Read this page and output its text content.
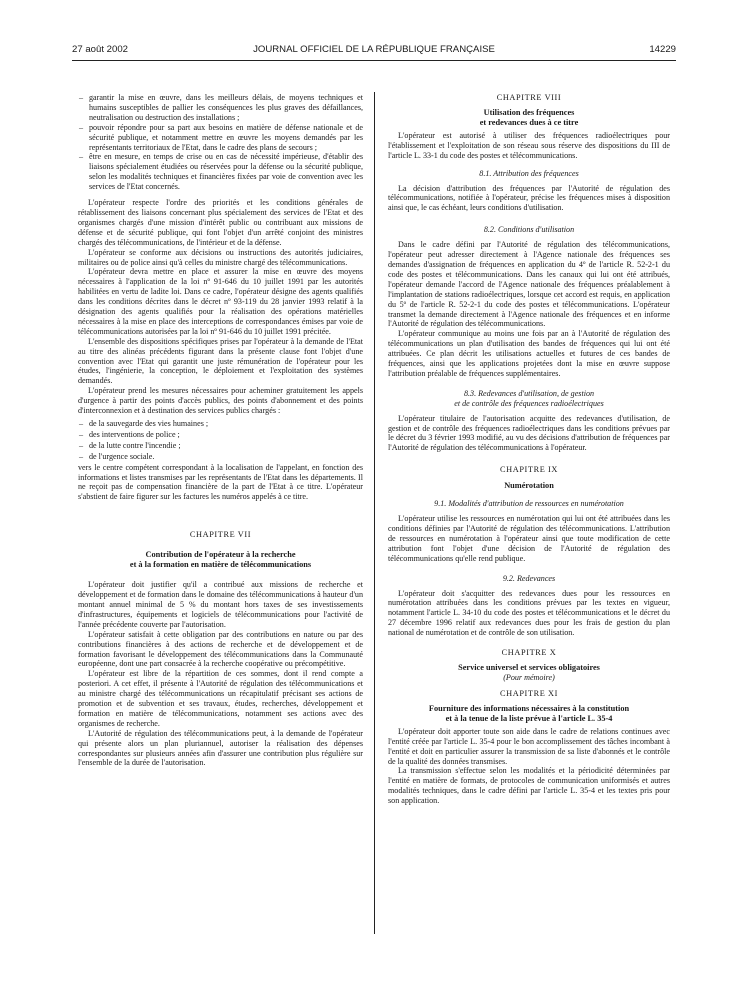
27 août 2002	JOURNAL OFFICIEL DE LA RÉPUBLIQUE FRANÇAISE	14229

– garantir la mise en œuvre, dans les meilleurs délais, de moyens techniques et humains susceptibles de pallier les conséquences les plus graves des défaillances, neutralisation ou destruction des installations ;

– pouvoir répondre pour sa part aux besoins en matière de défense nationale et de sécurité publique, et notamment mettre en œuvre les moyens demandés par les représentants territoriaux de l'Etat, dans le cadre des plans de secours ;

– être en mesure, en temps de crise ou en cas de nécessité impérieuse, d'établir des liaisons spécialement étudiées ou réservées pour la défense ou la sécurité publique, selon les modalités techniques et financières fixées par voie de convention avec les services de l'Etat concernés.

L'opérateur respecte l'ordre des priorités et les conditions générales de rétablissement des liaisons concernant plus spécialement des services de l'Etat et des organismes chargés d'une mission d'intérêt public ou contribuant aux missions de défense et de sécurité publique, qui font l'objet d'un arrêté conjoint des ministres chargés des télécommunications, de l'intérieur et de la défense.

L'opérateur se conforme aux décisions ou instructions des autorités judiciaires, militaires ou de police ainsi qu'à celles du ministre chargé des télécommunications.

L'opérateur devra mettre en place et assurer la mise en œuvre des moyens nécessaires à l'application de la loi nº 91-646 du 10 juillet 1991 par les autorités habilitées en vertu de ladite loi. Dans ce cadre, l'opérateur désigne des agents qualifiés dans les conditions décrites dans le décret nº 93-119 du 28 janvier 1993 relatif à la désignation des agents qualifiés pour la réalisation des opérations matérielles nécessaires à la mise en place des interceptions de correspondances émises par voie de télécommunications autorisées par la loi nº 91-646 du 10 juillet 1991 précitée.

L'ensemble des dispositions spécifiques prises par l'opérateur à la demande de l'Etat au titre des alinéas précédents figurant dans la présente clause font l'objet d'une convention avec l'Etat qui garantit une juste rémunération de l'opérateur pour les études, l'ingénierie, la conception, le déploiement et l'exploitation des systèmes demandés.

L'opérateur prend les mesures nécessaires pour acheminer gratuitement les appels d'urgence à partir des points d'accès publics, des points d'abonnement et des points d'interconnexion et à destination des services publics chargés :

– de la sauvegarde des vies humaines ;

– des interventions de police ;

– de la lutte contre l'incendie ;

– de l'urgence sociale.

vers le centre compétent correspondant à la localisation de l'appelant, en fonction des informations et listes transmises par les représentants de l'Etat dans les départements. Il ne reçoit pas de compensation financière de la part de l'Etat à ce titre. L'opérateur s'abstient de faire figurer sur les factures les numéros appelés à ce titre.

CHAPITRE VII

Contribution de l'opérateur à la recherche

et à la formation en matière de télécommunications

L'opérateur doit justifier qu'il a contribué aux missions de recherche et développement et de formation dans le domaine des télécommunications à hauteur d'un montant annuel minimal de 5 % du montant hors taxes de ses investissements d'infrastructures, équipements et logiciels de télécommunications pour l'activité de l'année précédente couverte par l'autorisation.

L'opérateur satisfait à cette obligation par des contributions en nature ou par des contributions financières à des actions de recherche et de développement et de formation favorisant le développement des télécommunications dans la Communauté européenne, dont une part consacrée à la recherche coopérative ou précompétitive.

L'opérateur est libre de la répartition de ces sommes, dont il rend compte a posteriori. A cet effet, il présente à l'Autorité de régulation des télécommunications et au ministre chargé des télécommunications un récapitulatif précisant ses actions de promotion et de subvention et ses travaux, études, recherches, développement et formation en matière de télécommunications, notamment ses actions avec des organismes de recherche.

L'Autorité de régulation des télécommunications peut, à la demande de l'opérateur qui présente alors un plan pluriannuel, autoriser la réalisation des dépenses correspondantes sur plusieurs années afin d'assurer une contribution plus régulière sur l'ensemble de la durée de l'autorisation.

CHAPITRE VIII

Utilisation des fréquences

et redevances dues à ce titre

L'opérateur est autorisé à utiliser des fréquences radioélectriques pour l'établissement et l'exploitation de son réseau sous réserve des dispositions du III de l'article L. 33-1 du code des postes et télécommunications.

8.1. Attribution des fréquences

La décision d'attribution des fréquences par l'Autorité de régulation des télécommunications, notifiée à l'opérateur, précise les fréquences mises à disposition ainsi que, le cas échéant, leurs conditions d'utilisation.

8.2. Conditions d'utilisation

Dans le cadre défini par l'Autorité de régulation des télécommunications, l'opérateur peut adresser directement à l'Agence nationale des fréquences ses demandes d'assignation de fréquences en application du 4º de l'article R. 52-2-1 du code des postes et télécommunications. Dans les canaux qui lui ont été attribués, l'opérateur demande l'accord de l'Agence nationale des fréquences préalablement à l'implantation de stations radioélectriques, lorsque cet accord est requis, en application du 5º de l'article R. 52-2-1 du code des postes et télécommunications. L'opérateur transmet la demande directement à l'Agence nationale des fréquences et en informe l'Autorité de régulation des télécommunications.

L'opérateur communique au moins une fois par an à l'Autorité de régulation des télécommunications un plan d'utilisation des bandes de fréquences qui lui ont été attribuées. Ce plan décrit les utilisations actuelles et futures de ces bandes de fréquences, ainsi que les applications projetées dont la mise en œuvre suppose l'attribution préalable de fréquences supplémentaires.

8.3. Redevances d'utilisation, de gestion

et de contrôle des fréquences radioélectriques

L'opérateur titulaire de l'autorisation acquitte des redevances d'utilisation, de gestion et de contrôle des fréquences radioélectriques dans les conditions prévues par le décret du 3 février 1993 modifié, au vu des décisions d'attribution de fréquences par l'Autorité de régulation des télécommunications à l'opérateur.

CHAPITRE IX

Numérotation

9.1. Modalités d'attribution de ressources en numérotation

L'opérateur utilise les ressources en numérotation qui lui ont été attribuées dans les conditions définies par l'Autorité de régulation des télécommunications. L'attribution de ressources en numérotation à l'opérateur ainsi que toute modification de cette attribution font l'objet d'une décision de l'Autorité de régulation des télécommunications qu'elle rend publique.

9.2. Redevances

L'opérateur doit s'acquitter des redevances dues pour les ressources en numérotation attribuées dans les conditions prévues par les textes en vigueur, notamment l'article L. 34-10 du code des postes et télécommunications et le décret du 27 décembre 1996 relatif aux redevances dues pour les frais de gestion du plan national de numérotation et de contrôle de son utilisation.

CHAPITRE X

Service universel et services obligatoires

(Pour mémoire)

CHAPITRE XI

Fourniture des informations nécessaires à la constitution

et à la tenue de la liste prévue à l'article L. 35-4

L'opérateur doit apporter toute son aide dans le cadre de relations continues avec l'entité créée par l'article L. 35-4 pour le bon accomplissement des tâches incombant à l'entité et doit en particulier assurer la transmission de sa liste d'abonnés et le contrôle de la qualité des données transmises.

La transmission s'effectue selon les modalités et la périodicité déterminées par l'entité en matière de formats, de protocoles de communication uniformisés et autres modalités techniques, dans le cadre défini par l'article L. 35-4 et les textes pris pour son application.
